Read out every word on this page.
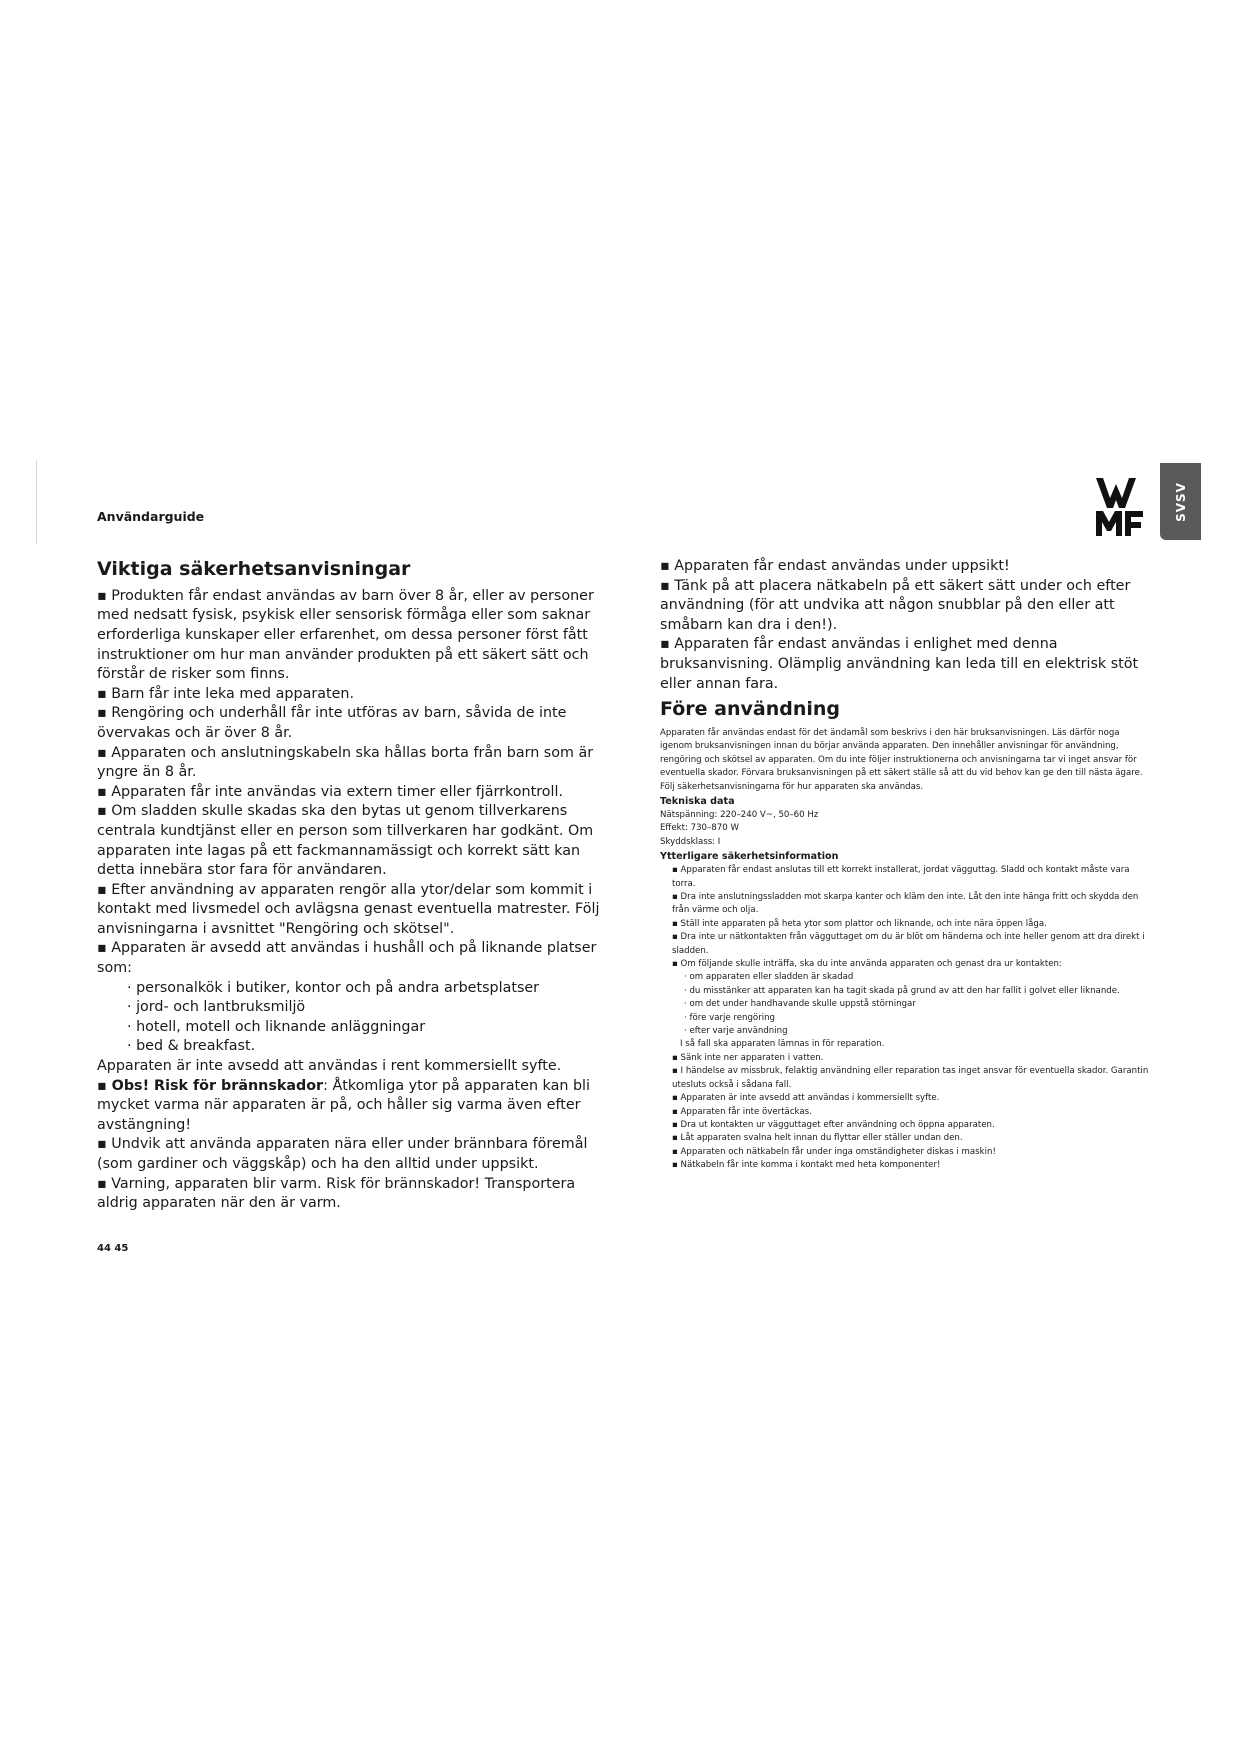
Användarguide	SVSV
Viktiga säkerhetsanvisningar

▪ Produkten får endast användas av barn över 8 år, eller av personer med nedsatt fysisk, psykisk eller sensorisk förmåga eller som saknar erforderliga kunskaper eller erfarenhet, om dessa personer först fått instruktioner om hur man använder produkten på ett säkert sätt och förstår de risker som finns.

▪ Barn får inte leka med apparaten.

▪ Rengöring och underhåll får inte utföras av barn, såvida de inte övervakas och är över 8 år.

▪ Apparaten och anslutningskabeln ska hållas borta från barn som är yngre än 8 år.

▪ Apparaten får inte användas via extern timer eller fjärrkontroll.

▪ Om sladden skulle skadas ska den bytas ut genom tillverkarens centrala kundtjänst eller en person som tillverkaren har godkänt. Om apparaten inte lagas på ett fackmannamässigt och korrekt sätt kan detta innebära stor fara för användaren.

▪ Efter användning av apparaten rengör alla ytor/delar som kommit i kontakt med livsmedel och avlägsna genast eventuella matrester. Följ anvisningarna i avsnittet "Rengöring och skötsel".

▪ Apparaten är avsedd att användas i hushåll och på liknande platser som:

· personalkök i butiker, kontor och på andra arbetsplatser

· jord- och lantbruksmiljö

· hotell, motell och liknande anläggningar

· bed & breakfast.

Apparaten är inte avsedd att användas i rent kommersiellt syfte.

▪ Obs! Risk för brännskador: Åtkomliga ytor på apparaten kan bli mycket varma när apparaten är på, och håller sig varma även efter avstängning!

▪ Undvik att använda apparaten nära eller under brännbara föremål (som gardiner och väggskåp) och ha den alltid under uppsikt.

▪ Varning, apparaten blir varm. Risk för brännskador! Transportera aldrig apparaten när den är varm.

▪ Apparaten får endast användas under uppsikt!

▪ Tänk på att placera nätkabeln på ett säkert sätt under och efter användning (för att undvika att någon snubblar på den eller att småbarn kan dra i den!).

▪ Apparaten får endast användas i enlighet med denna bruksanvisning. Olämplig användning kan leda till en elektrisk stöt eller annan fara.

Före användning

Apparaten får användas endast för det ändamål som beskrivs i den här bruksanvisningen. Läs därför noga igenom bruksanvisningen innan du börjar använda apparaten. Den innehåller anvisningar för användning, rengöring och skötsel av apparaten. Om du inte följer instruktionerna och anvisningarna tar vi inget ansvar för eventuella skador. Förvara bruksanvisningen på ett säkert ställe så att du vid behov kan ge den till nästa ägare.

Följ säkerhetsanvisningarna för hur apparaten ska användas.

Tekniska data

Nätspänning: 220–240 V~, 50–60 Hz

Effekt: 730–870 W

Skyddsklass: I

Ytterligare säkerhetsinformation

▪ Apparaten får endast anslutas till ett korrekt installerat, jordat vägguttag. Sladd och kontakt måste vara torra.

▪ Dra inte anslutningssladden mot skarpa kanter och kläm den inte. Låt den inte hänga fritt och skydda den från värme och olja.

▪ Ställ inte apparaten på heta ytor som plattor och liknande, och inte nära öppen låga.

▪ Dra inte ur nätkontakten från vägguttaget om du är blöt om händerna och inte heller genom att dra direkt i sladden.

▪ Om följande skulle inträffa, ska du inte använda apparaten och genast dra ur kontakten:

· om apparaten eller sladden är skadad

· du misstänker att apparaten kan ha tagit skada på grund av att den har fallit i golvet eller liknande.

· om det under handhavande skulle uppstå störningar

· före varje rengöring

· efter varje användning

I så fall ska apparaten lämnas in för reparation.

▪ Sänk inte ner apparaten i vatten.

▪ I händelse av missbruk, felaktig användning eller reparation tas inget ansvar för eventuella skador. Garantin utesluts också i sådana fall.

▪ Apparaten är inte avsedd att användas i kommersiellt syfte.

▪ Apparaten får inte övertäckas.

▪ Dra ut kontakten ur vägguttaget efter användning och öppna apparaten.

▪ Låt apparaten svalna helt innan du flyttar eller ställer undan den.

▪ Apparaten och nätkabeln får under inga omständigheter diskas i maskin!

▪ Nätkabeln får inte komma i kontakt med heta komponenter!

44 45
